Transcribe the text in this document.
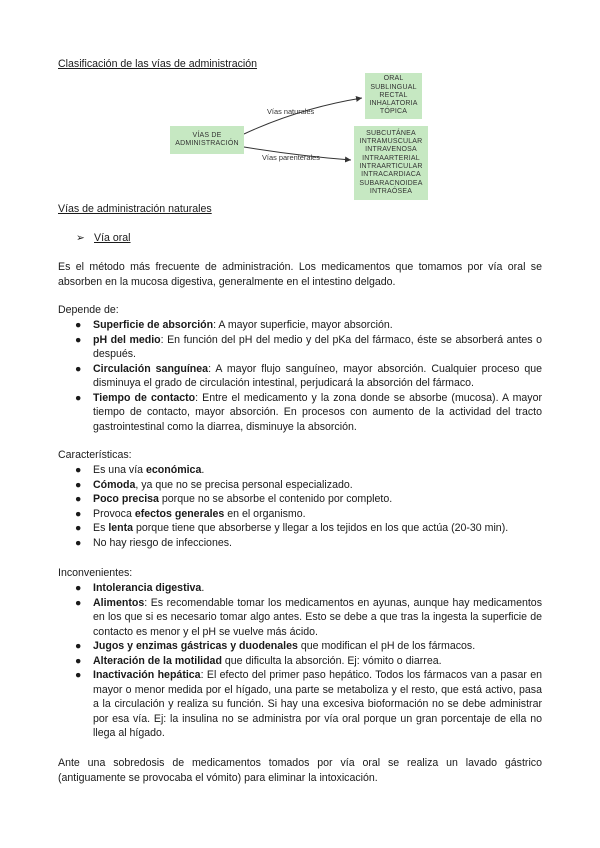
Clasificación de las vías de administración
VÍAS DE
ADMINISTRACIÓN
ORAL
SUBLINGUAL
RECTAL
INHALATORIA
TÓPICA
SUBCUTÁNEA
INTRAMUSCULAR
INTRAVENOSA
INTRAARTERIAL
INTRAARTICULAR
INTRACARDIACA
SUBARACNOIDEA
INTRAÓSEA
Vías naturales
Vías parenterales
Vías de administración naturales
➢ Vía oral
Es el método más frecuente de administración. Los medicamentos que tomamos por vía oral se absorben en la mucosa digestiva, generalmente en el intestino delgado.
Depende de:
● Superficie de absorción: A mayor superficie, mayor absorción.
● pH del medio: En función del pH del medio y del pKa del fármaco, éste se absorberá antes o después.
● Circulación sanguínea: A mayor flujo sanguíneo, mayor absorción. Cualquier proceso que disminuya el grado de circulación intestinal, perjudicará la absorción del fármaco.
● Tiempo de contacto: Entre el medicamento y la zona donde se absorbe (mucosa). A mayor tiempo de contacto, mayor absorción. En procesos con aumento de la actividad del tracto gastrointestinal como la diarrea, disminuye la absorción.
Características:
● Es una vía económica.
● Cómoda, ya que no se precisa personal especializado.
● Poco precisa porque no se absorbe el contenido por completo.
● Provoca efectos generales en el organismo.
● Es lenta porque tiene que absorberse y llegar a los tejidos en los que actúa (20-30 min).
● No hay riesgo de infecciones.
Inconvenientes:
● Intolerancia digestiva.
● Alimentos: Es recomendable tomar los medicamentos en ayunas, aunque hay medicamentos en los que si es necesario tomar algo antes. Esto se debe a que tras la ingesta la superficie de contacto es menor y el pH se vuelve más ácido.
● Jugos y enzimas gástricas y duodenales que modifican el pH de los fármacos.
● Alteración de la motilidad que dificulta la absorción. Ej: vómito o diarrea.
● Inactivación hepática: El efecto del primer paso hepático. Todos los fármacos van a pasar en mayor o menor medida por el hígado, una parte se metaboliza y el resto, que está activo, pasa a la circulación y realiza su función. Si hay una excesiva bioformación no se debe administrar por esa vía. Ej: la insulina no se administra por vía oral porque un gran porcentaje de ella no llega al hígado.
Ante una sobredosis de medicamentos tomados por vía oral se realiza un lavado gástrico (antiguamente se provocaba el vómito) para eliminar la intoxicación.
